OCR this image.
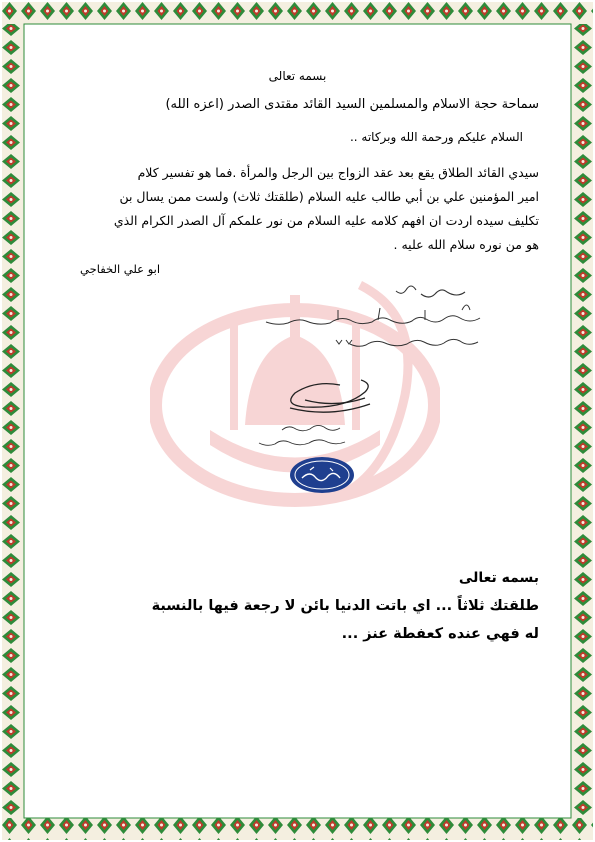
بسمه تعالى
سماحة حجة الاسلام والمسلمين السيد القائد مقتدى الصدر (اعزه الله)
السلام عليكم ورحمة الله وبركاته ..
سيدي القائد الطلاق يقع بعد عقد الزواج بين الرجل والمرأة .فما هو تفسير كلام
امير المؤمنين علي بن أبي طالب عليه السلام (طلقتك ثلاث) ولست ممن يسال بن
تكليف سيده اردت ان افهم كلامه عليه السلام من نور علمكم آل الصدر الكرام الذي
هو من نوره سلام الله عليه .
ابو علي الخفاجي
بسمه تعالى
طلقتك ثلاثاً ... اي باتت الدنيا بائن لا رجعة فيها بالنسبة
له فهي عنده كعفطة عنز ...
